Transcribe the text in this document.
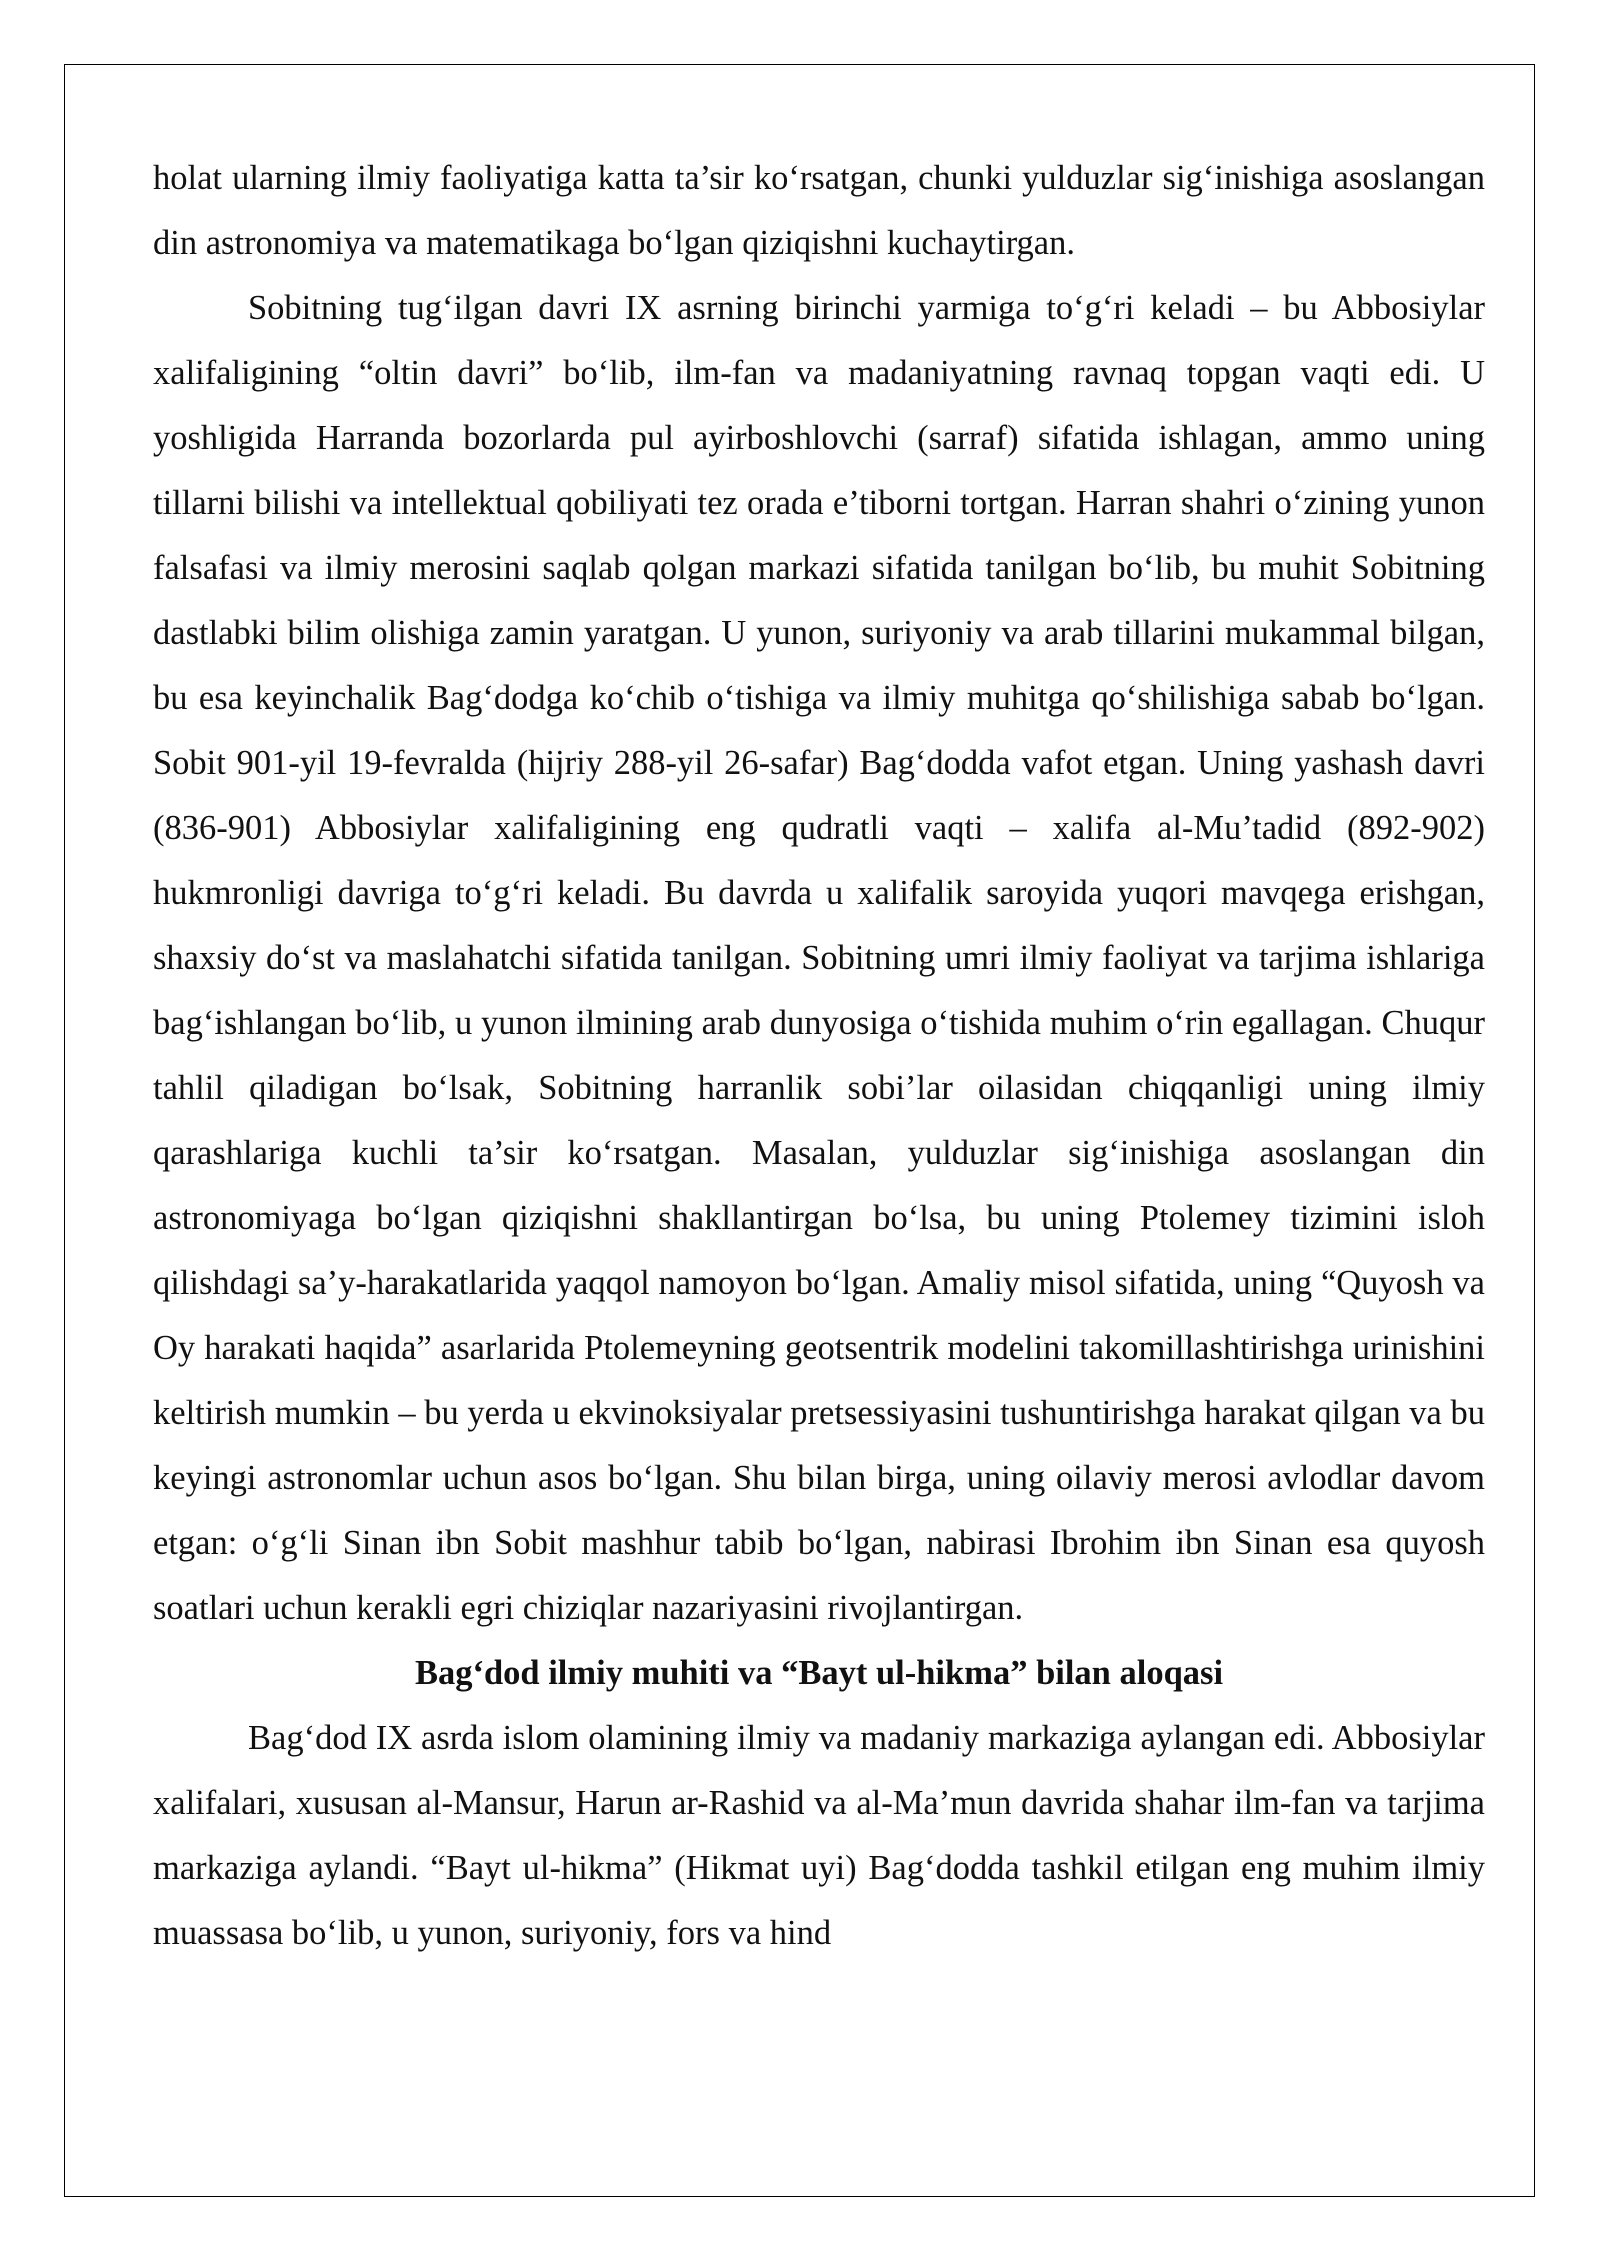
holat ularning ilmiy faoliyatiga katta ta’sir ko‘rsatgan, chunki yulduzlar sig‘inishiga asoslangan din astronomiya va matematikaga bo‘lgan qiziqishni kuchaytirgan.

Sobitning tug‘ilgan davri IX asrning birinchi yarmiga to‘g‘ri keladi – bu Abbosiylar xalifaligining “oltin davri” bo‘lib, ilm-fan va madaniyatning ravnaq topgan vaqti edi. U yoshligida Harranda bozorlarda pul ayirboshlovchi (sarraf) sifatida ishlagan, ammo uning tillarni bilishi va intellektual qobiliyati tez orada e’tiborni tortgan. Harran shahri o‘zining yunon falsafasi va ilmiy merosini saqlab qolgan markazi sifatida tanilgan bo‘lib, bu muhit Sobitning dastlabki bilim olishiga zamin yaratgan. U yunon, suriyoniy va arab tillarini mukammal bilgan, bu esa keyinchalik Bag‘dodga ko‘chib o‘tishiga va ilmiy muhitga qo‘shilishiga sabab bo‘lgan. Sobit 901-yil 19-fevralda (hijriy 288-yil 26-safar) Bag‘dodda vafot etgan. Uning yashash davri (836-901) Abbosiylar xalifaligining eng qudratli vaqti – xalifa al-Mu’tadid (892-902) hukmronligi davriga to‘g‘ri keladi. Bu davrda u xalifalik saroyida yuqori mavqega erishgan, shaxsiy do‘st va maslahatchi sifatida tanilgan. Sobitning umri ilmiy faoliyat va tarjima ishlariga bag‘ishlangan bo‘lib, u yunon ilmining arab dunyosiga o‘tishida muhim o‘rin egallagan. Chuqur tahlil qiladigan bo‘lsak, Sobitning harranlik sobi’lar oilasidan chiqqanligi uning ilmiy qarashlariga kuchli ta’sir ko‘rsatgan. Masalan, yulduzlar sig‘inishiga asoslangan din astronomiyaga bo‘lgan qiziqishni shakllantirgan bo‘lsa, bu uning Ptolemey tizimini isloh qilishdagi sa’y-harakatlarida yaqqol namoyon bo‘lgan. Amaliy misol sifatida, uning “Quyosh va Oy harakati haqida” asarlarida Ptolemeyning geotsentrik modelini takomillashtirishga urinishini keltirish mumkin – bu yerda u ekvinoksiyalar pretsessiyasini tushuntirishga harakat qilgan va bu keyingi astronomlar uchun asos bo‘lgan. Shu bilan birga, uning oilaviy merosi avlodlar davom etgan: o‘g‘li Sinan ibn Sobit mashhur tabib bo‘lgan, nabirasi Ibrohim ibn Sinan esa quyosh soatlari uchun kerakli egri chiziqlar nazariyasini rivojlantirgan.

Bag‘dod ilmiy muhiti va “Bayt ul-hikma” bilan aloqasi

Bag‘dod IX asrda islom olamining ilmiy va madaniy markaziga aylangan edi. Abbosiylar xalifalari, xususan al-Mansur, Harun ar-Rashid va al-Ma’mun davrida shahar ilm-fan va tarjima markaziga aylandi. “Bayt ul-hikma” (Hikmat uyi) Bag‘dodda tashkil etilgan eng muhim ilmiy muassasa bo‘lib, u yunon, suriyoniy, fors va hind
